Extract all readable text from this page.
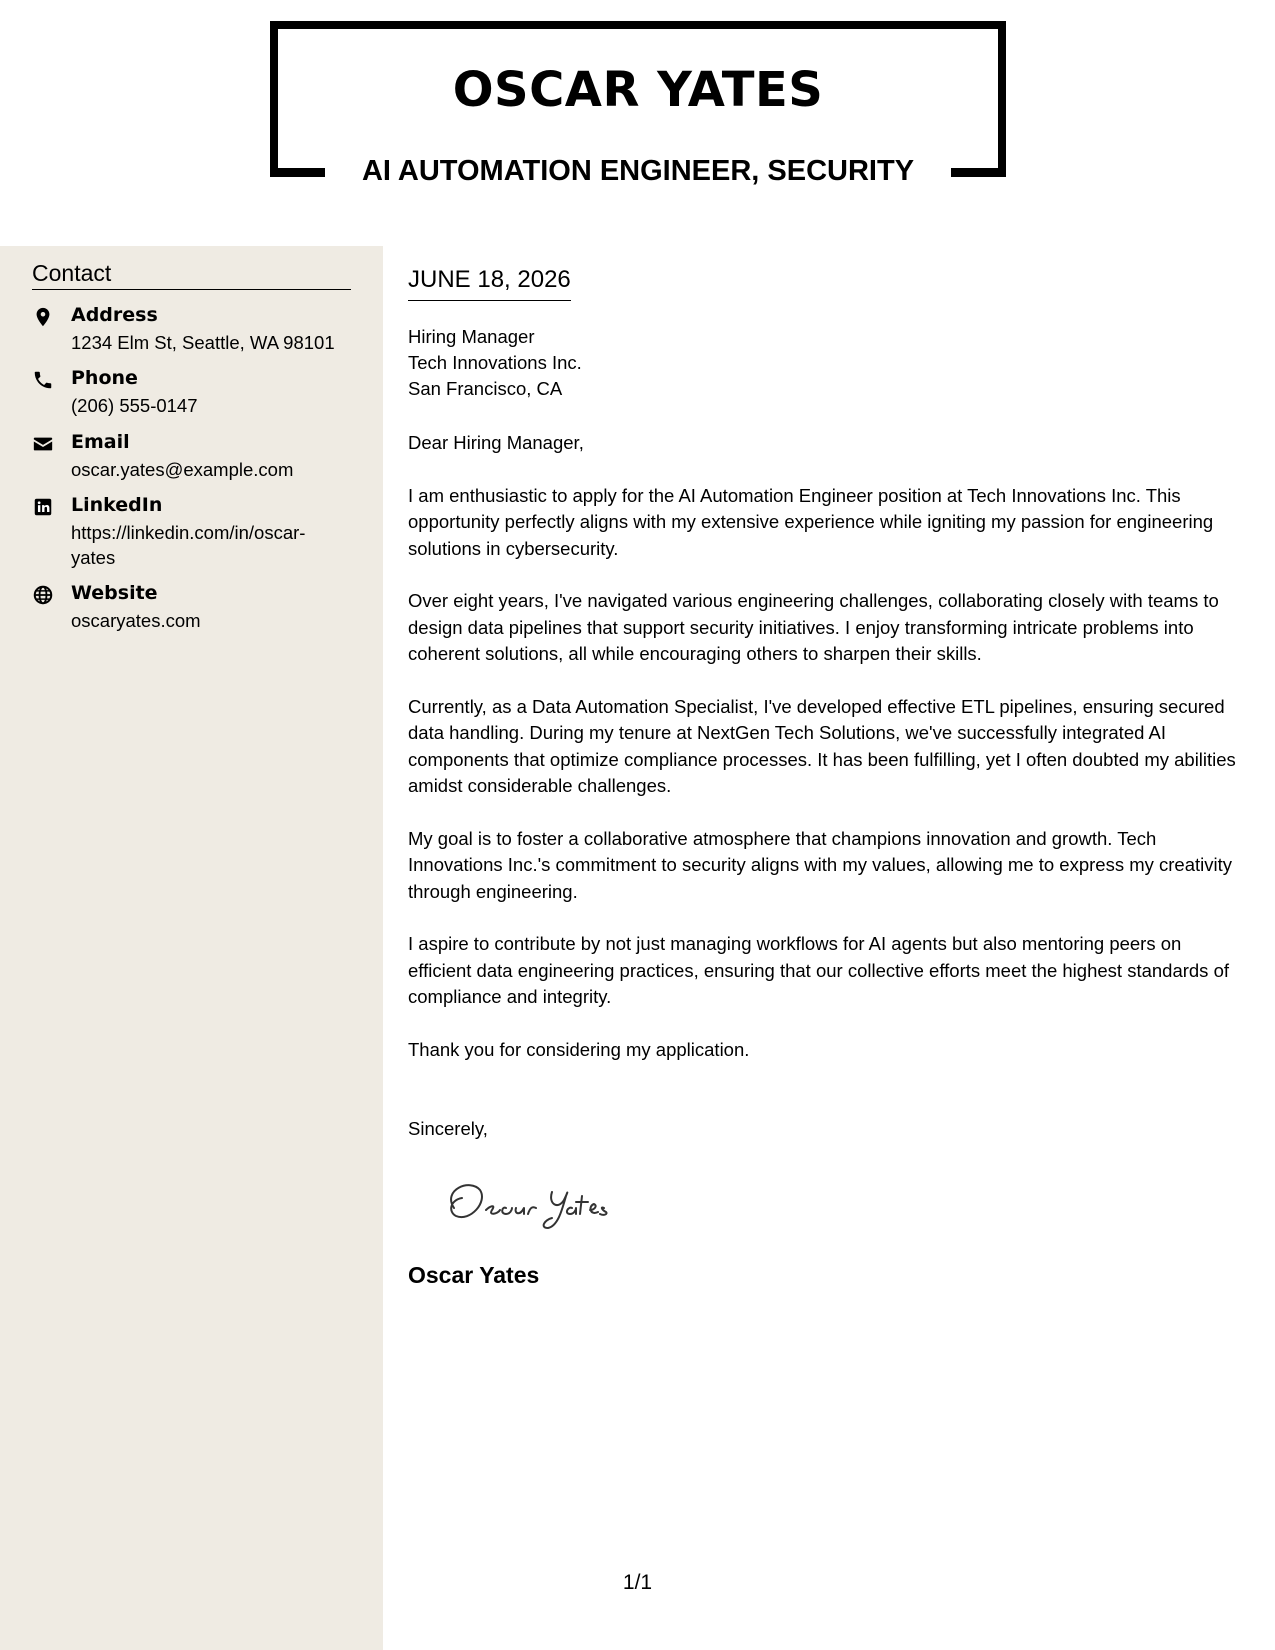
OSCAR YATES
AI AUTOMATION ENGINEER, SECURITY
Contact
Address
1234 Elm St, Seattle, WA 98101
Phone
(206) 555-0147
Email
oscar.yates@example.com
LinkedIn
https://linkedin.com/in/oscar-yates
Website
oscaryates.com
JUNE 18, 2026
Hiring Manager
Tech Innovations Inc.
San Francisco, CA

Dear Hiring Manager,

I am enthusiastic to apply for the AI Automation Engineer position at Tech Innovations Inc. This opportunity perfectly aligns with my extensive experience while igniting my passion for engineering solutions in cybersecurity.

Over eight years, I've navigated various engineering challenges, collaborating closely with teams to design data pipelines that support security initiatives. I enjoy transforming intricate problems into coherent solutions, all while encouraging others to sharpen their skills.

Currently, as a Data Automation Specialist, I've developed effective ETL pipelines, ensuring secured data handling. During my tenure at NextGen Tech Solutions, we've successfully integrated AI components that optimize compliance processes. It has been fulfilling, yet I often doubted my abilities amidst considerable challenges.

My goal is to foster a collaborative atmosphere that champions innovation and growth. Tech Innovations Inc.'s commitment to security aligns with my values, allowing me to express my creativity through engineering.

I aspire to contribute by not just managing workflows for AI agents but also mentoring peers on efficient data engineering practices, ensuring that our collective efforts meet the highest standards of compliance and integrity.

Thank you for considering my application.

Sincerely,
Oscar Yates
1/1
